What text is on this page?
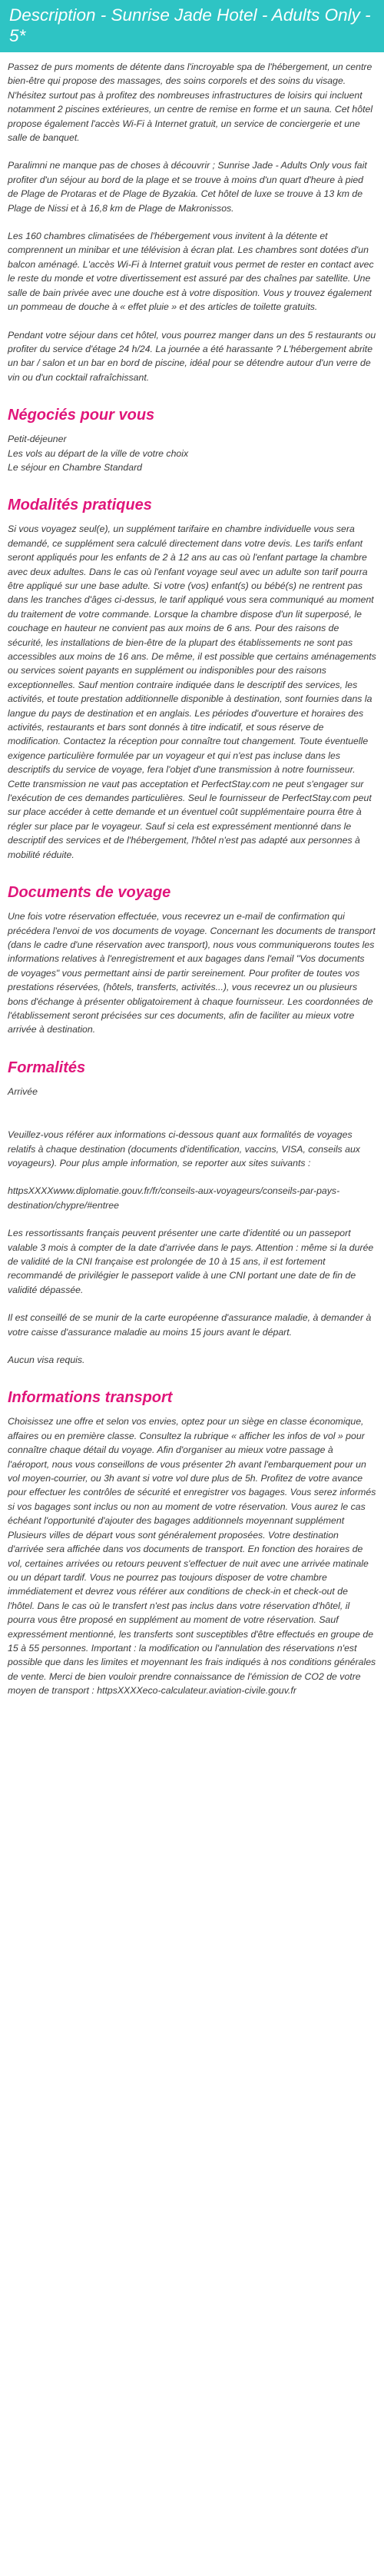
Description - Sunrise Jade Hotel - Adults Only - 5*

Passez de purs moments de détente dans l'incroyable spa de l'hébergement, un centre bien-être qui propose des massages, des soins corporels et des soins du visage. N'hésitez surtout pas à profitez des nombreuses infrastructures de loisirs qui incluent notamment 2 piscines extérieures, un centre de remise en forme et un sauna. Cet hôtel propose également l'accès Wi-Fi à Internet gratuit, un service de conciergerie et une salle de banquet.

Paralimni ne manque pas de choses à découvrir ; Sunrise Jade - Adults Only vous fait profiter d'un séjour au bord de la plage et se trouve à moins d'un quart d'heure à pied de Plage de Protaras et de Plage de Byzakia. Cet hôtel de luxe se trouve à 13 km de Plage de Nissi et à 16,8 km de Plage de Makronissos.

Les 160 chambres climatisées de l'hébergement vous invitent à la détente et comprennent un minibar et une télévision à écran plat. Les chambres sont dotées d'un balcon aménagé. L'accès Wi-Fi à Internet gratuit vous permet de rester en contact avec le reste du monde et votre divertissement est assuré par des chaînes par satellite. Une salle de bain privée avec une douche est à votre disposition. Vous y trouvez également un pommeau de douche à « effet pluie » et des articles de toilette gratuits.

Pendant votre séjour dans cet hôtel, vous pourrez manger dans un des 5 restaurants ou profiter du service d'étage 24 h/24. La journée a été harassante ? L'hébergement abrite un bar / salon et un bar en bord de piscine, idéal pour se détendre autour d'un verre de vin ou d'un cocktail rafraîchissant.

Négociés pour vous

Petit-déjeuner

Les vols au départ de la ville de votre choix

Le séjour en Chambre Standard

Modalités pratiques

Si vous voyagez seul(e), un supplément tarifaire en chambre individuelle vous sera demandé, ce supplément sera calculé directement dans votre devis. Les tarifs enfant seront appliqués pour les enfants de 2 à 12 ans au cas où l'enfant partage la chambre avec deux adultes. Dans le cas où l'enfant voyage seul avec un adulte son tarif pourra être appliqué sur une base adulte. Si votre (vos) enfant(s) ou bébé(s) ne rentrent pas dans les tranches d'âges ci-dessus, le tarif appliqué vous sera communiqué au moment du traitement de votre commande. Lorsque la chambre dispose d'un lit superposé, le couchage en hauteur ne convient pas aux moins de 6 ans. Pour des raisons de sécurité, les installations de bien-être de la plupart des établissements ne sont pas accessibles aux moins de 16 ans. De même, il est possible que certains aménagements ou services soient payants en supplément ou indisponibles pour des raisons exceptionnelles. Sauf mention contraire indiquée dans le descriptif des services, les activités, et toute prestation additionnelle disponible à destination, sont fournies dans la langue du pays de destination et en anglais. Les périodes d'ouverture et horaires des activités, restaurants et bars sont donnés à titre indicatif, et sous réserve de modification. Contactez la réception pour connaître tout changement. Toute éventuelle exigence particulière formulée par un voyageur et qui n'est pas incluse dans les descriptifs du service de voyage, fera l'objet d'une transmission à notre fournisseur. Cette transmission ne vaut pas acceptation et PerfectStay.com ne peut s'engager sur l'exécution de ces demandes particulières. Seul le fournisseur de PerfectStay.com peut sur place accéder à cette demande et un éventuel coût supplémentaire pourra être à régler sur place par le voyageur. Sauf si cela est expressément mentionné dans le descriptif des services et de l'hébergement, l'hôtel n'est pas adapté aux personnes à mobilité réduite.

Documents de voyage

Une fois votre réservation effectuée, vous recevrez un e-mail de confirmation qui précédera l'envoi de vos documents de voyage. Concernant les documents de transport (dans le cadre d'une réservation avec transport), nous vous communiquerons toutes les informations relatives à l'enregistrement et aux bagages dans l'email "Vos documents de voyages" vous permettant ainsi de partir sereinement. Pour profiter de toutes vos prestations réservées, (hôtels, transferts, activités...), vous recevrez un ou plusieurs bons d'échange à présenter obligatoirement à chaque fournisseur. Les coordonnées de l'établissement seront précisées sur ces documents, afin de faciliter au mieux votre arrivée à destination.

Formalités

Arrivée

Veuillez-vous référer aux informations ci-dessous quant aux formalités de voyages relatifs à chaque destination (documents d'identification, vaccins, VISA, conseils aux voyageurs). Pour plus ample information, se reporter aux sites suivants :

httpsXXXXwww.diplomatie.gouv.fr/fr/conseils-aux-voyageurs/conseils-par-pays-destination/chypre/#entree

Les ressortissants français peuvent présenter une carte d'identité ou un passeport valable 3 mois à compter de la date d'arrivée dans le pays. Attention : même si la durée de validité de la CNI française est prolongée de 10 à 15 ans, il est fortement recommandé de privilégier le passeport valide à une CNI portant une date de fin de validité dépassée.

Il est conseillé de se munir de la carte européenne d'assurance maladie, à demander à votre caisse d'assurance maladie au moins 15 jours avant le départ.

Aucun visa requis.

Informations transport

Choisissez une offre et selon vos envies, optez pour un siège en classe économique, affaires ou en première classe. Consultez la rubrique « afficher les infos de vol » pour connaître chaque détail du voyage. Afin d'organiser au mieux votre passage à l'aéroport, nous vous conseillons de vous présenter 2h avant l'embarquement pour un vol moyen-courrier, ou 3h avant si votre vol dure plus de 5h. Profitez de votre avance pour effectuer les contrôles de sécurité et enregistrer vos bagages. Vous serez informés si vos bagages sont inclus ou non au moment de votre réservation. Vous aurez le cas échéant l'opportunité d'ajouter des bagages additionnels moyennant supplément Plusieurs villes de départ vous sont généralement proposées. Votre destination d'arrivée sera affichée dans vos documents de transport. En fonction des horaires de vol, certaines arrivées ou retours peuvent s'effectuer de nuit avec une arrivée matinale ou un départ tardif. Vous ne pourrez pas toujours disposer de votre chambre immédiatement et devrez vous référer aux conditions de check-in et check-out de l'hôtel. Dans le cas où le transfert n'est pas inclus dans votre réservation d'hôtel, il pourra vous être proposé en supplément au moment de votre réservation. Sauf expressément mentionné, les transferts sont susceptibles d'être effectués en groupe de 15 à 55 personnes. Important : la modification ou l'annulation des réservations n'est possible que dans les limites et moyennant les frais indiqués à nos conditions générales de vente. Merci de bien vouloir prendre connaissance de l'émission de CO2 de votre moyen de transport : httpsXXXXeco-calculateur.aviation-civile.gouv.fr
